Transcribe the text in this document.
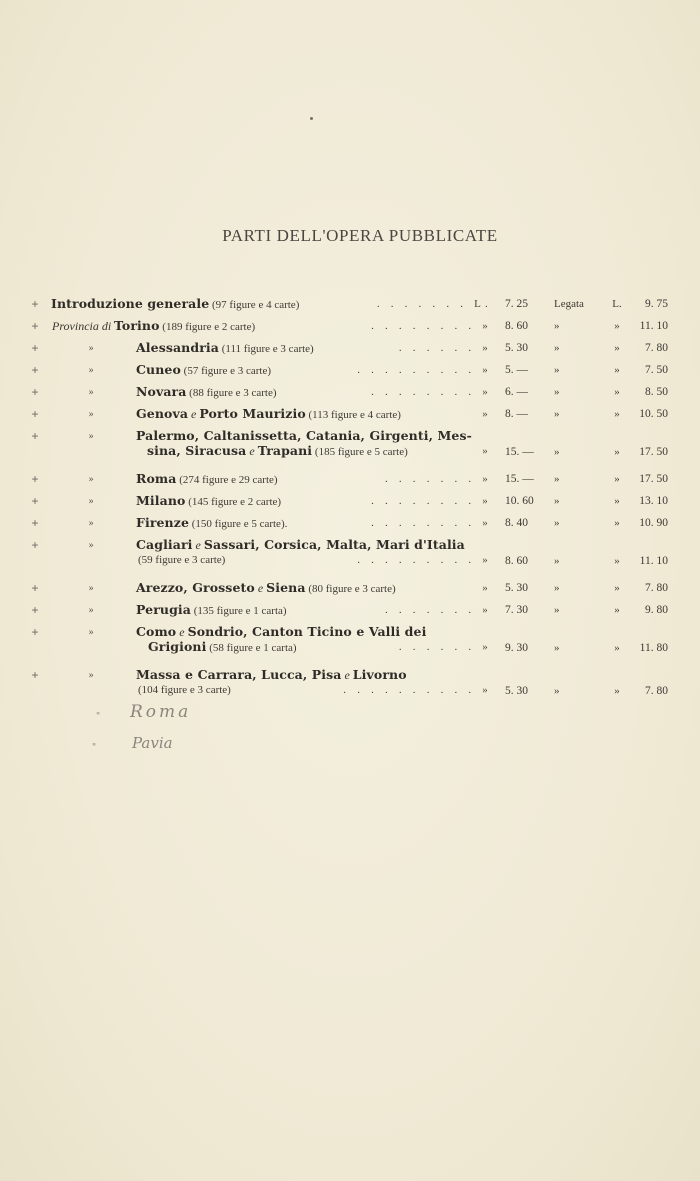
PARTI DELL'OPERA PUBBLICATE
+ Introduzione generale (97 figure e 4 carte)	. . . . . . . L. 7. 25	Legata	L.	9. 75
+ Provincia di Torino (189 figure e 2 carte)	. . . . . . . . » 8. 60	»	»	11. 10
+	»	Alessandria (111 figure e 3 carte)	. . . . . . » 5. 30	»	»	7. 80
+	»	Cuneo (57 figure e 3 carte)	. . . . . . . . . » 5. —	»	»	7. 50
+	»	Novara (88 figure e 3 carte)	. . . . . . . . » 6. —	»	»	8. 50
+	»	Genova e Porto Maurizio (113 figure e 4 carte)	» 8. —	»	»	10. 50
+	»	Palermo, Caltanissetta, Catania, Girgenti, Mes-
sina, Siracusa e Trapani (185 figure e 5 carte)	» 15. —	»	»	17. 50
+	»	Roma (274 figure e 29 carte)	. . . . . . . » 15. —	»	»	17. 50
+	»	Milano (145 figure e 2 carte)	. . . . . . . . » 10. 60	»	»	13. 10
+	»	Firenze (150 figure e 5 carte).	. . . . . . . . » 8. 40	»	»	10. 90
+	»	Cagliari e Sassari, Corsica, Malta, Mari d'Italia
(59 figure e 3 carte)	. . . . . . . . . » 8. 60	»	»	11. 10
+	»	Arezzo, Grosseto e Siena (80 figure e 3 carte)	» 5. 30	»	»	7. 80
+	»	Perugia (135 figure e 1 carta)	. . . . . . . » 7. 30	»	»	9. 80
+	»	Como e Sondrio, Canton Ticino e Valli dei
Grigioni (58 figure e 1 carta)	. . . . . . » 9. 30	»	»	11. 80
+	»	Massa e Carrara, Lucca, Pisa e Livorno
(104 figure e 3 carte)	. . . . . . . . . . » 5. 30	»	»	7. 80
" Roma
" Pavia
